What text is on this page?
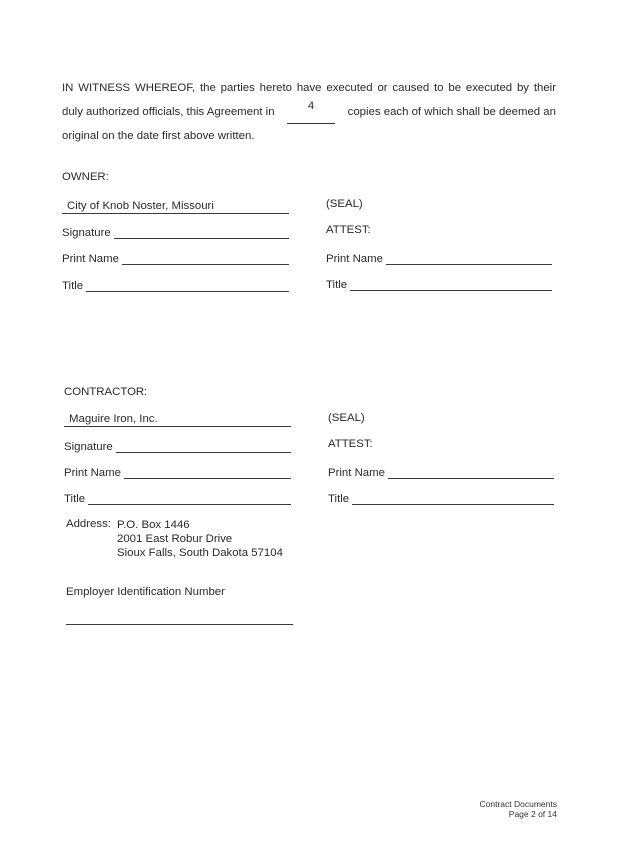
IN WITNESS WHEREOF, the parties hereto have executed or caused to be executed by their
duly authorized officials, this Agreement in	4	copies each of which shall be deemed an
original on the date first above written.
OWNER:
City of Knob Noster, Missouri
Signature
Print Name
Title
(SEAL)
ATTEST:
Print Name
Title
CONTRACTOR:
Maguire Iron, Inc.
Signature
Print Name
Title
(SEAL)
ATTEST:
Print Name
Title
Address: P.O. Box 1446
2001 East Robur Drive
Sioux Falls, South Dakota 57104
Employer Identification Number
Contract Documents
Page 2 of 14
